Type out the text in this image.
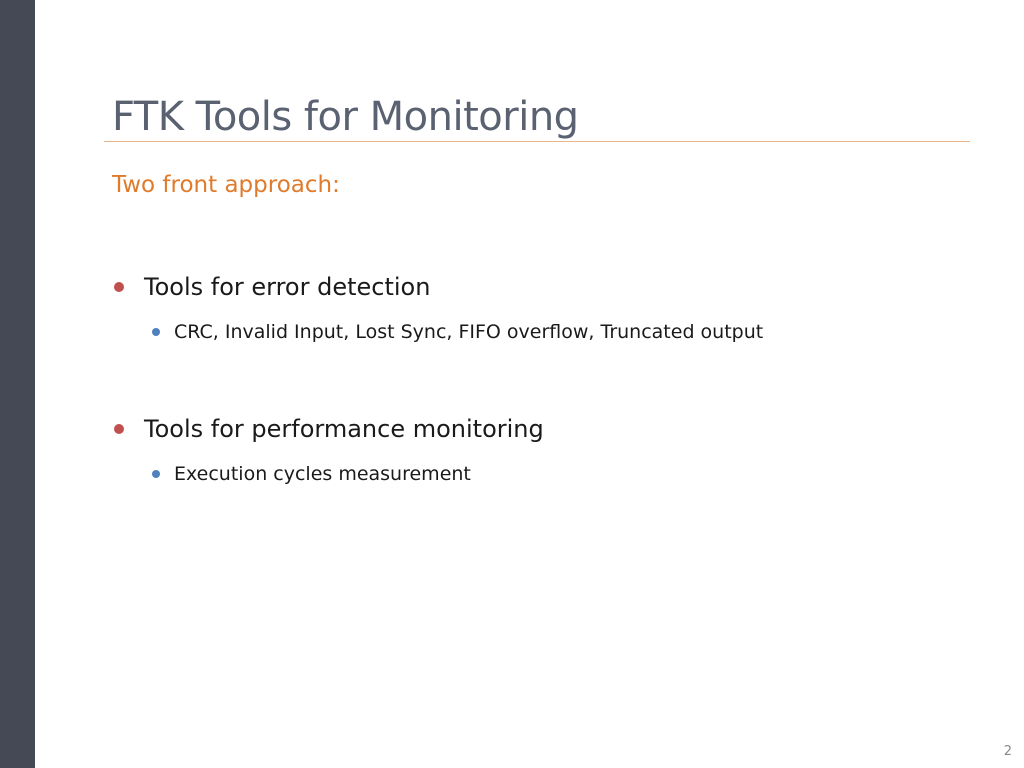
FTK Tools for Monitoring
Two front approach:
Tools for error detection
CRC, Invalid Input, Lost Sync, FIFO overflow, Truncated output
Tools for performance monitoring
Execution cycles measurement
2
